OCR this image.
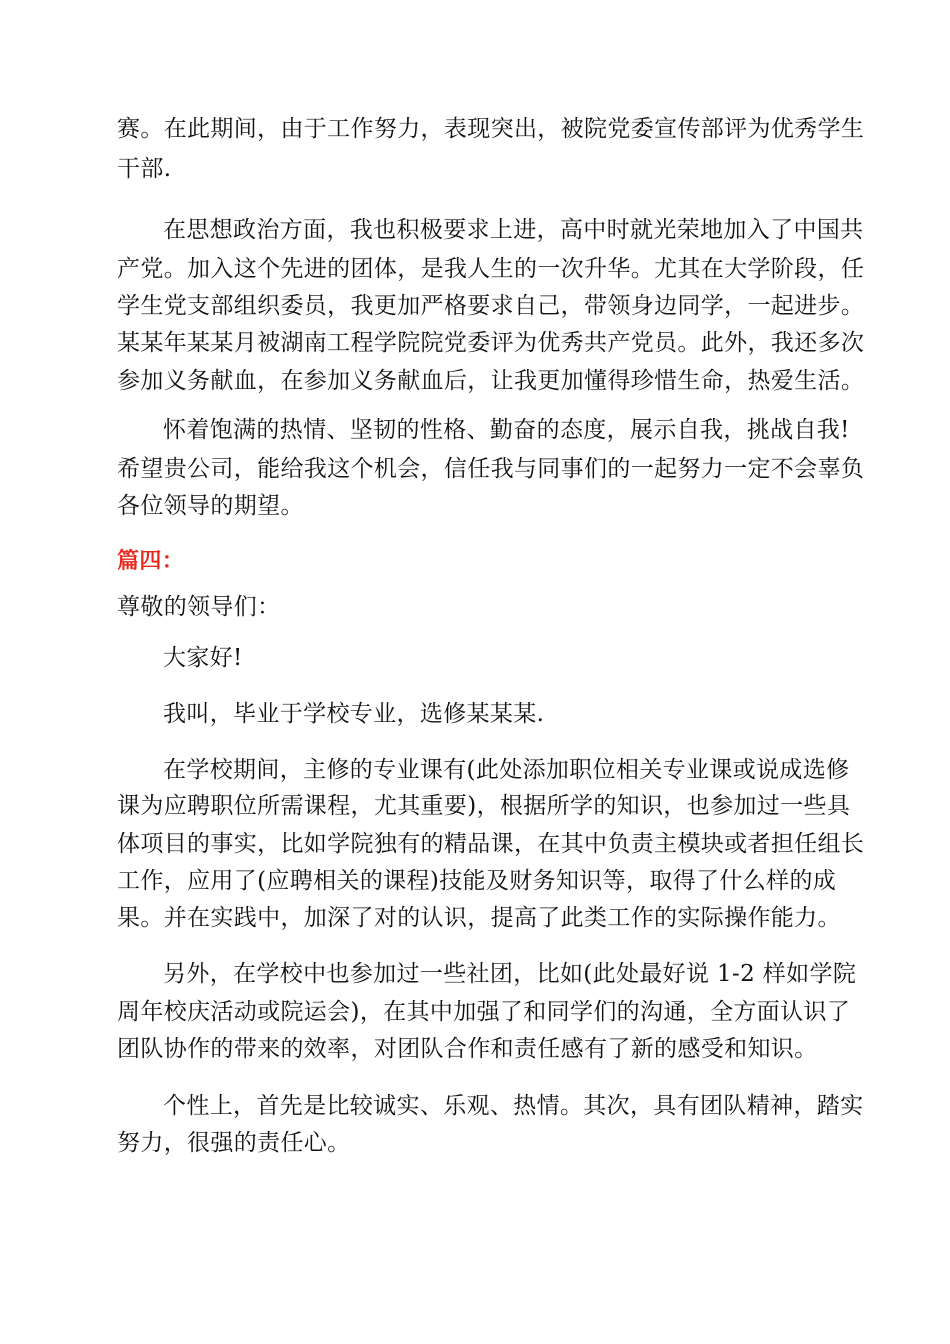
赛。在此期间，由于工作努力，表现突出，被院党委宣传部评为优秀学生
干部.
在思想政治方面，我也积极要求上进，高中时就光荣地加入了中国共
产党。加入这个先进的团体，是我人生的一次升华。尤其在大学阶段，任
学生党支部组织委员，我更加严格要求自己，带领身边同学，一起进步。
某某年某某月被湖南工程学院院党委评为优秀共产党员。此外，我还多次
参加义务献血，在参加义务献血后，让我更加懂得珍惜生命，热爱生活。
怀着饱满的热情、坚韧的性格、勤奋的态度，展示自我，挑战自我!
希望贵公司，能给我这个机会，信任我与同事们的一起努力一定不会辜负
各位领导的期望。
篇四：
尊敬的领导们：
大家好!
我叫，毕业于学校专业，选修某某某.
在学校期间，主修的专业课有(此处添加职位相关专业课或说成选修
课为应聘职位所需课程，尤其重要)，根据所学的知识，也参加过一些具
体项目的事实，比如学院独有的精品课，在其中负责主模块或者担任组长
工作，应用了(应聘相关的课程)技能及财务知识等，取得了什么样的成
果。并在实践中，加深了对的认识，提高了此类工作的实际操作能力。
另外，在学校中也参加过一些社团，比如(此处最好说 1-2 样如学院
周年校庆活动或院运会)，在其中加强了和同学们的沟通，全方面认识了
团队协作的带来的效率，对团队合作和责任感有了新的感受和知识。
个性上，首先是比较诚实、乐观、热情。其次，具有团队精神，踏实
努力，很强的责任心。
